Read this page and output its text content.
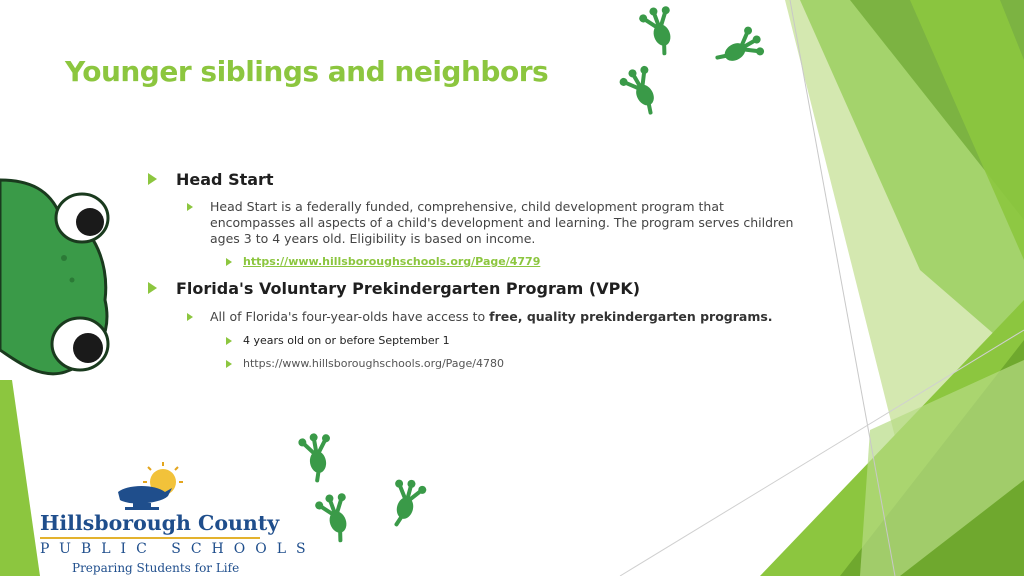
Younger siblings and neighbors
Head Start
Head Start is a federally funded, comprehensive, child development program that encompasses all aspects of a child's development and learning. The program serves children ages 3 to 4 years old. Eligibility is based on income.
https://www.hillsboroughschools.org/Page/4779
Florida's Voluntary Prekindergarten Program (VPK)
All of Florida's four-year-olds have access to free, quality prekindergarten programs.
4 years old on or before September 1
https://www.hillsboroughschools.org/Page/4780
Hillsborough County
PUBLIC SCHOOLS
Preparing Students for Life
